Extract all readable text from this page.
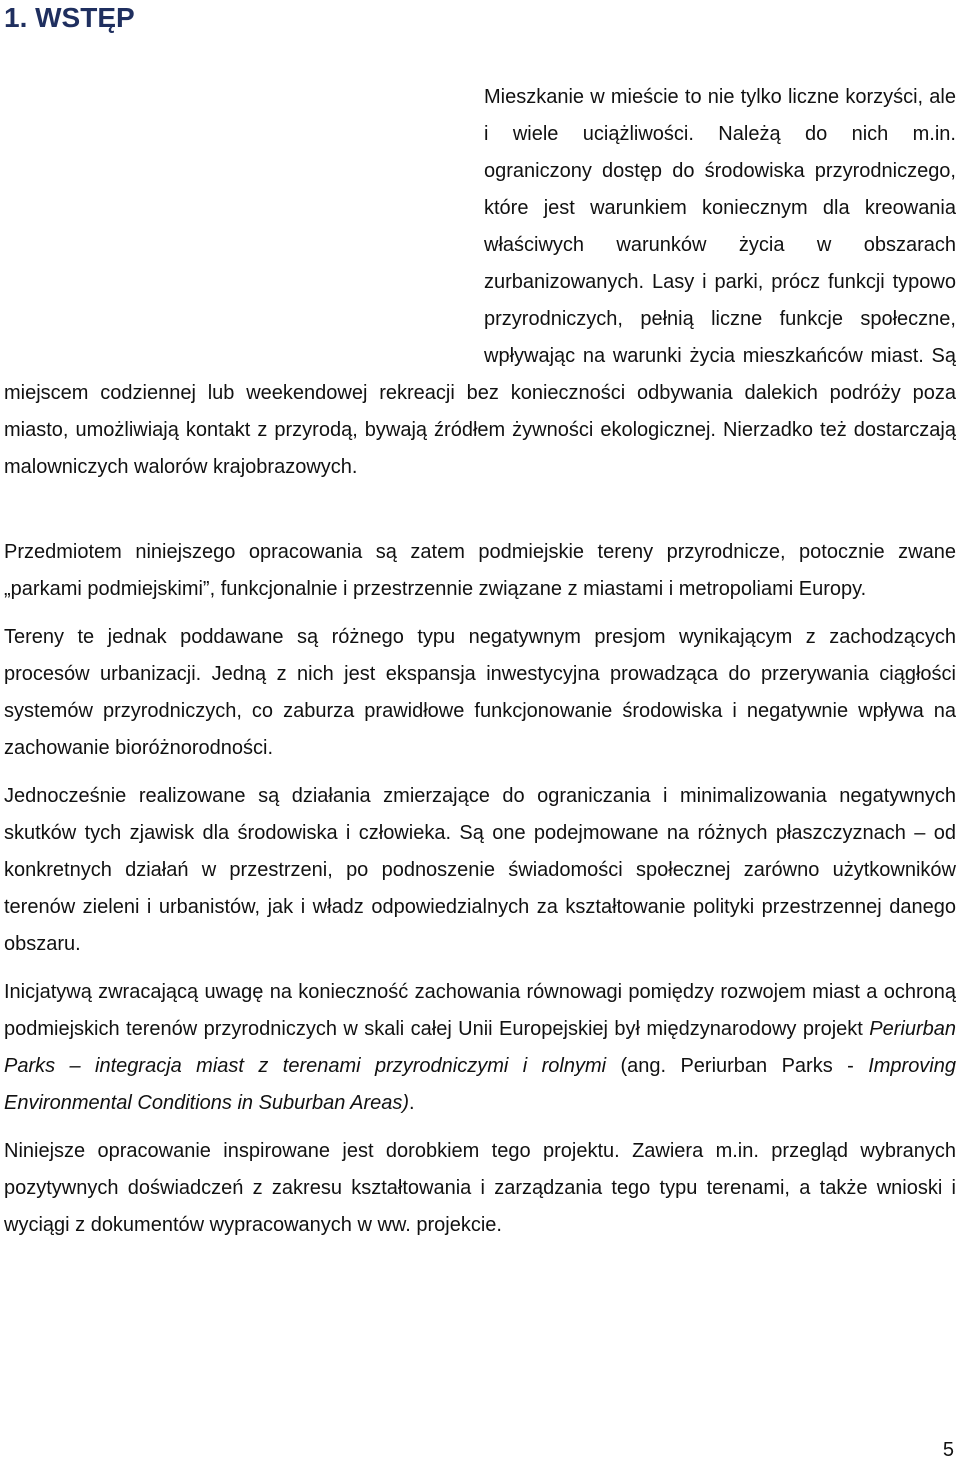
1. WSTĘP

Mieszkanie w mieście to nie tylko liczne korzyści, ale i wiele uciążliwości. Należą do nich m.in. ograniczony dostęp do środowiska przyrodniczego, które jest warunkiem koniecznym dla kreowania właściwych warunków życia w obszarach zurbanizowanych. Lasy i parki, prócz funkcji typowo przyrodniczych, pełnią liczne funkcje społeczne, wpływając na warunki życia mieszkańców miast. Są miejscem codziennej lub weekendowej rekreacji bez konieczności odbywania dalekich podróży poza miasto, umożliwiają kontakt z przyrodą, bywają źródłem żywności ekologicznej. Nierzadko też dostarczają malowniczych walorów krajobrazowych.

Przedmiotem niniejszego opracowania są zatem podmiejskie tereny przyrodnicze, potocznie zwane „parkami podmiejskimi”, funkcjonalnie i przestrzennie związane z miastami i metropoliami Europy.

Tereny te jednak poddawane są różnego typu negatywnym presjom wynikającym z zachodzących procesów urbanizacji. Jedną z nich jest ekspansja inwestycyjna prowadząca do przerywania ciągłości systemów przyrodniczych, co zaburza prawidłowe funkcjonowanie środowiska i negatywnie wpływa na zachowanie bioróżnorodności.

Jednocześnie realizowane są działania zmierzające do ograniczania i minimalizowania negatywnych skutków tych zjawisk dla środowiska i człowieka. Są one podejmowane na różnych płaszczyznach – od konkretnych działań w przestrzeni, po podnoszenie świadomości społecznej zarówno użytkowników terenów zieleni i urbanistów, jak i władz odpowiedzialnych za kształtowanie polityki przestrzennej danego obszaru.

Inicjatywą zwracającą uwagę na konieczność zachowania równowagi pomiędzy rozwojem miast a ochroną podmiejskich terenów przyrodniczych w skali całej Unii Europejskiej był międzynarodowy projekt Periurban Parks – integracja miast z terenami przyrodniczymi i rolnymi (ang. Periurban Parks - Improving Environmental Conditions in Suburban Areas).

Niniejsze opracowanie inspirowane jest dorobkiem tego projektu. Zawiera m.in. przegląd wybranych pozytywnych doświadczeń z zakresu kształtowania i zarządzania tego typu terenami, a także wnioski i wyciągi z dokumentów wypracowanych w ww. projekcie.

5
